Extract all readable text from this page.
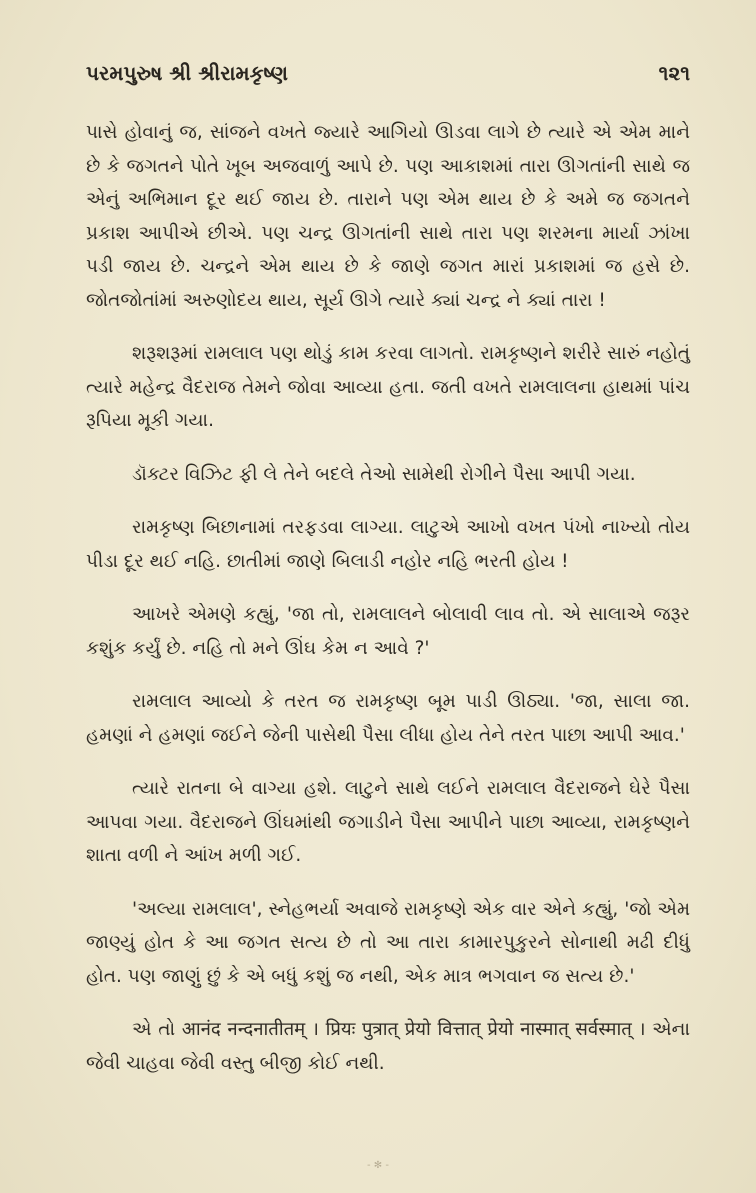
પરમપુરુષ શ્રી શ્રીરામકૃષ્ણ	૧૨૧

પાસે હોવાનું જ, સાંજને વખતે જ્યારે આગિયો ઊડવા લાગે છે ત્યારે એ એમ માને છે કે જગતને પોતે ખૂબ અજવાળું આપે છે. પણ આકાશમાં તારા ઊગતાંની સાથે જ એનું અભિમાન દૂર થઈ જાય છે. તારાને પણ એમ થાય છે કે અમે જ જગતને પ્રકાશ આપીએ છીએ. પણ ચન્દ્ર ઊગતાંની સાથે તારા પણ શરમના માર્યા ઝાંખા પડી જાય છે. ચન્દ્રને એમ થાય છે કે જાણે જગત મારાં પ્રકાશમાં જ હસે છે. જોતજોતાંમાં અરુણોદય થાય, સૂર્ય ઊગે ત્યારે ક્યાં ચન્દ્ર ને ક્યાં તારા !

શરૂશરૂમાં રામલાલ પણ થોડું કામ કરવા લાગતો. રામકૃષ્ણને શરીરે સારું નહોતું ત્યારે મહેન્દ્ર વૈદરાજ તેમને જોવા આવ્યા હતા. જતી વખતે રામલાલના હાથમાં પાંચ રૂપિયા મૂકી ગયા.

ડૉક્ટર વિઝિટ ફી લે તેને બદલે તેઓ સામેથી રોગીને પૈસા આપી ગયા.

રામકૃષ્ણ બિછાનામાં તરફડવા લાગ્યા. લાટુએ આખો વખત પંખો નાખ્યો તોય પીડા દૂર થઈ નહિ. છાતીમાં જાણે બિલાડી નહોર નહિ ભરતી હોય !

આખરે એમણે કહ્યું, 'જા તો, રામલાલને બોલાવી લાવ તો. એ સાલાએ જરૂર કશુંક કર્યું છે. નહિ તો મને ઊંઘ કેમ ન આવે ?'

રામલાલ આવ્યો કે તરત જ રામકૃષ્ણ બૂમ પાડી ઊઠ્યા. 'જા, સાલા જા. હમણાં ને હમણાં જઈને જેની પાસેથી પૈસા લીધા હોય તેને તરત પાછા આપી આવ.'

ત્યારે રાતના બે વાગ્યા હશે. લાટુને સાથે લઈને રામલાલ વૈદરાજને ઘેરે પૈસા આપવા ગયા. વૈદરાજને ઊંઘમાંથી જગાડીને પૈસા આપીને પાછા આવ્યા, રામકૃષ્ણને શાતા વળી ને આંખ મળી ગઈ.

'અલ્યા રામલાલ', સ્નેહભર્યા અવાજે રામકૃષ્ણે એક વાર એને કહ્યું, 'જો એમ જાણ્યું હોત કે આ જગત સત્ય છે તો આ તારા કામારપુકુરને સોનાથી મઢી દીધું હોત. પણ જાણું છું કે એ બધું કશું જ નથી, એક માત્ર ભગવાન જ સત્ય છે.'

એ તો आनंद नन्दनातीतम् । प्रियः पुत्रात् प्रेयो वित्तात् प्रेयो नास्मात् सर्वस्मात् । એના જેવી ચાહવા જેવી વસ્તુ બીજી કોઈ નથી.

- ✻ -
